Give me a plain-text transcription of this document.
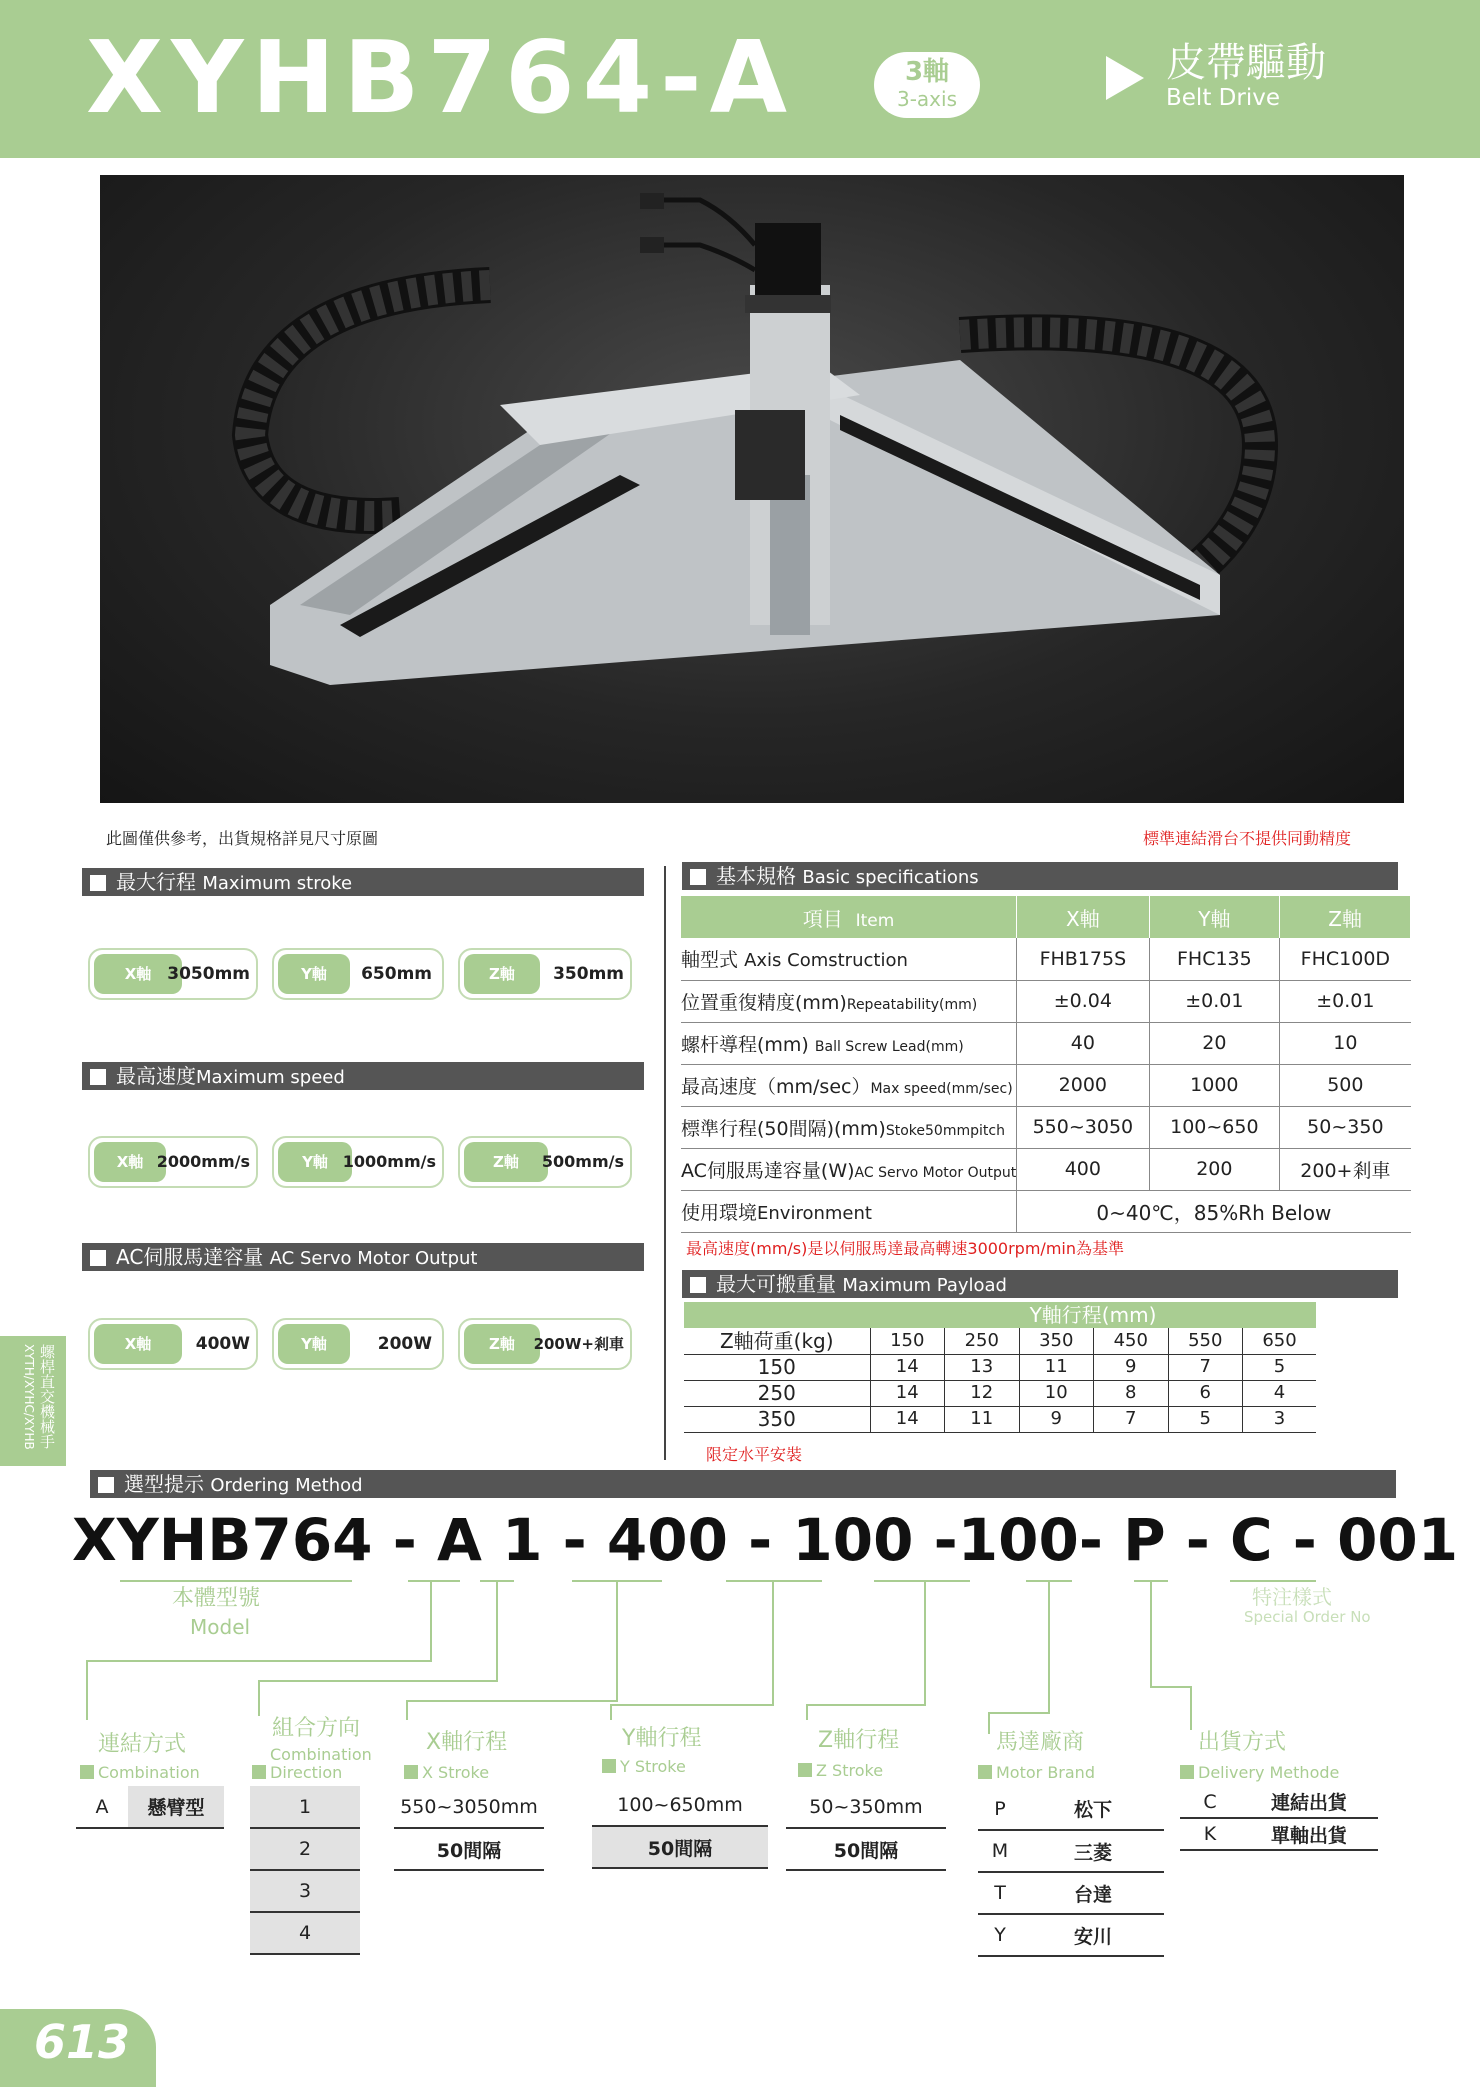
XYHB764-A	3軸
3-axis
皮帶驅動
Belt Drive
此圖僅供參考，出貨規格詳見尺寸原圖	標準連結滑台不提供同動精度
最大行程 Maximum stroke
X軸 3050mm	Y軸	650mm	Z軸	350mm
最高速度Maximum speed
X軸 2000mm/s	Y軸 1000mm/s	Z軸	500mm/s
AC伺服馬達容量 AC Servo Motor Output
X軸	400W	Y軸	200W	Z軸	200W+剎車
螺桿直交機械手
XYTH/XYHC/XYHB
基本規格 Basic specifications
項目 Item	X軸	Y軸	Z軸
軸型式 Axis Comstruction	FHB175S	FHC135	FHC100D
位置重復精度(mm)Repeatability(mm)	±0.04	±0.01	±0.01
螺杆導程(mm) Ball Screw Lead(mm)	40	20	10
最高速度（mm/sec）Max speed(mm/sec)	2000	1000	500
標準行程(50間隔)(mm)Stoke50mmpitch	550~3050	100~650	50~350
AC伺服馬達容量(W)AC Servo Motor Output	400	200	200+剎車
使用環境Environment	0~40℃，85%Rh Below		
最高速度(mm/s)是以伺服馬達最高轉速3000rpm/min為基準
最大可搬重量 Maximum Payload
	Y軸行程(mm)					
Z軸荷重(kg)	150	250	350	450	550	650
150	14	13	11	9	7	5
250	14	12	10	8	6	4
350	14	11	9	7	5	3
限定水平安裝
選型提示 Ordering Method
XYHB764 - A 1 - 400 - 100 -100- P - C - 001
本體型號
Model
特注樣式
Special Order No
連結方式
Combination
A	懸臂型
組合方向
Combination
Direction
1
2
3
4
X軸行程
X Stroke
550~3050mm
50間隔
Y軸行程
Y Stroke
100~650mm
50間隔
Z軸行程
Z Stroke
50~350mm
50間隔
馬達廠商
Motor Brand
P	松下
M	三菱
T	台達
Y	安川
出貨方式
Delivery Methode
C	連結出貨
K	單軸出貨
613
